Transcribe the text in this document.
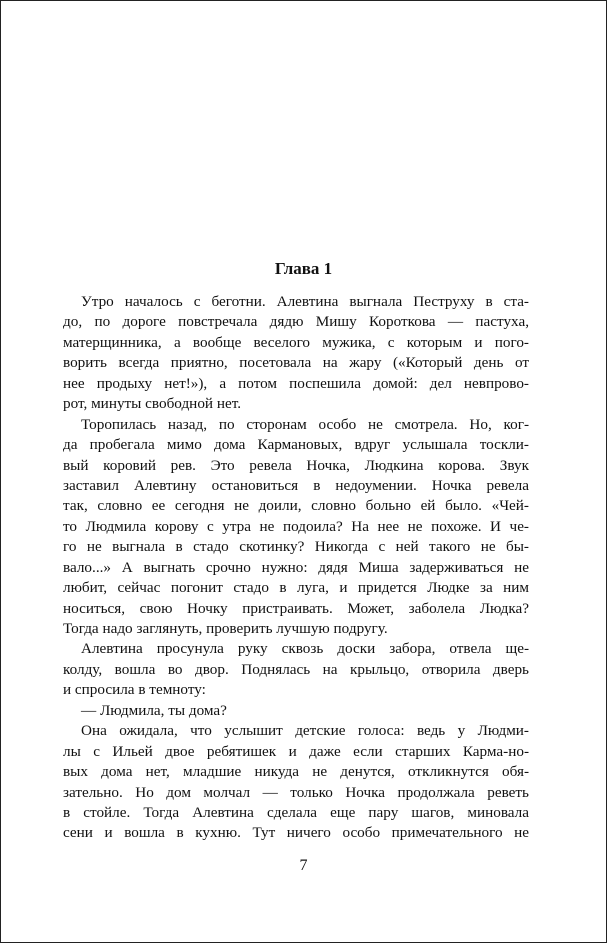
Глава 1
Утро началось с беготни. Алевтина выгнала Пеструху в ста-
до, по дороге повстречала дядю Мишу Короткова — пастуха,
матерщинника, а вообще веселого мужика, с которым и пого-
ворить всегда приятно, посетовала на жару («Который день от
нее продыху нет!»), а потом поспешила домой: дел невпрово-
рот, минуты свободной нет.
Торопилась назад, по сторонам особо не смотрела. Но, ког-
да пробегала мимо дома Кармановых, вдруг услышала тоскли-
вый коровий рев. Это ревела Ночка, Людкина корова. Звук
заставил Алевтину остановиться в недоумении. Ночка ревела
так, словно ее сегодня не доили, словно больно ей было. «Чей-
то Людмила корову с утра не подоила? На нее не похоже. И че-
го не выгнала в стадо скотинку? Никогда с ней такого не бы-
вало...» А выгнать срочно нужно: дядя Миша задерживаться не
любит, сейчас погонит стадо в луга, и придется Людке за ним
носиться, свою Ночку пристраивать. Может, заболела Людка?
Тогда надо заглянуть, проверить лучшую подругу.
Алевтина просунула руку сквозь доски забора, отвела ще-
колду, вошла во двор. Поднялась на крыльцо, отворила дверь
и спросила в темноту:
— Людмила, ты дома?
Она ожидала, что услышит детские голоса: ведь у Людми-
лы с Ильей двое ребятишек и даже если старших Карма-но-
вых дома нет, младшие никуда не денутся, откликнутся обя-
зательно. Но дом молчал — только Ночка продолжала реветь
в стойле. Тогда Алевтина сделала еще пару шагов, миновала
сени и вошла в кухню. Тут ничего особо примечательного не
7
